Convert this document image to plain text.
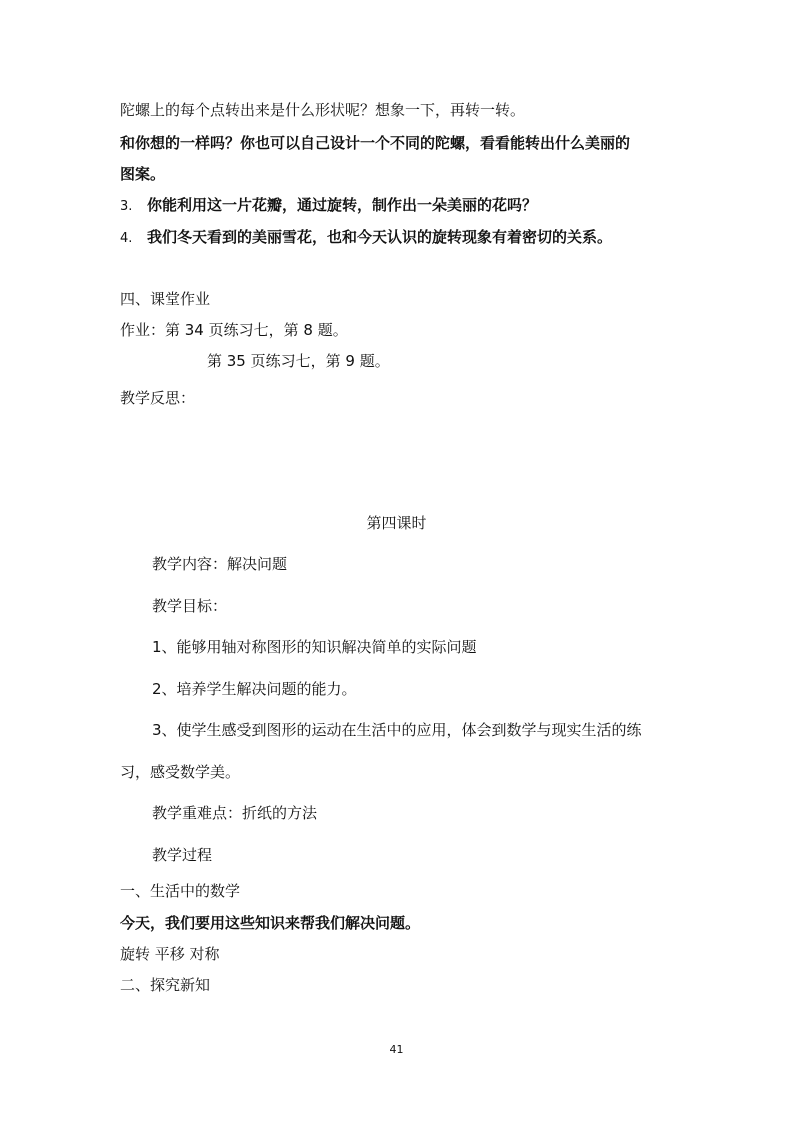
陀螺上的每个点转出来是什么形状呢？想象一下，再转一转。
和你想的一样吗？你也可以自己设计一个不同的陀螺，看看能转出什么美丽的
图案。
3. 你能利用这一片花瓣，通过旋转，制作出一朵美丽的花吗？
4. 我们冬天看到的美丽雪花，也和今天认识的旋转现象有着密切的关系。
四、课堂作业
作业：第 34 页练习七，第 8 题。
第 35 页练习七，第 9 题。
教学反思：
第四课时
教学内容：解决问题
教学目标：
1、能够用轴对称图形的知识解决简单的实际问题
2、培养学生解决问题的能力。
3、使学生感受到图形的运动在生活中的应用，体会到数学与现实生活的练
习，感受数学美。
教学重难点：折纸的方法
教学过程
一、生活中的数学
今天，我们要用这些知识来帮我们解决问题。
旋转 平移 对称
二、探究新知
41
